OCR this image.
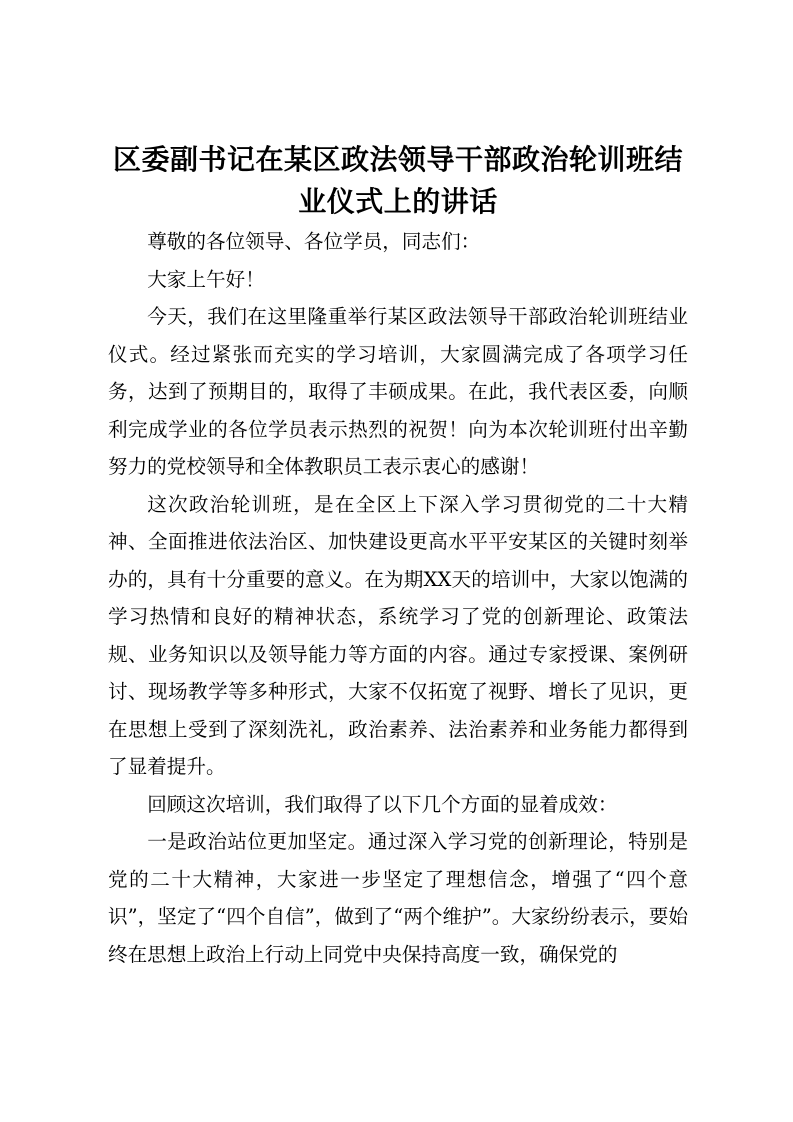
区委副书记在某区政法领导干部政治轮训班结业仪式上的讲话

尊敬的各位领导、各位学员，同志们：

大家上午好！

今天，我们在这里隆重举行某区政法领导干部政治轮训班结业仪式。经过紧张而充实的学习培训，大家圆满完成了各项学习任务，达到了预期目的，取得了丰硕成果。在此，我代表区委，向顺利完成学业的各位学员表示热烈的祝贺！向为本次轮训班付出辛勤努力的党校领导和全体教职员工表示衷心的感谢！

这次政治轮训班，是在全区上下深入学习贯彻党的二十大精神、全面推进依法治区、加快建设更高水平平安某区的关键时刻举办的，具有十分重要的意义。在为期XX天的培训中，大家以饱满的学习热情和良好的精神状态，系统学习了党的创新理论、政策法规、业务知识以及领导能力等方面的内容。通过专家授课、案例研讨、现场教学等多种形式，大家不仅拓宽了视野、增长了见识，更在思想上受到了深刻洗礼，政治素养、法治素养和业务能力都得到了显着提升。

回顾这次培训，我们取得了以下几个方面的显着成效：

一是政治站位更加坚定。通过深入学习党的创新理论，特别是党的二十大精神，大家进一步坚定了理想信念，增强了“四个意识”，坚定了“四个自信”，做到了“两个维护”。大家纷纷表示，要始终在思想上政治上行动上同党中央保持高度一致，确保党的
